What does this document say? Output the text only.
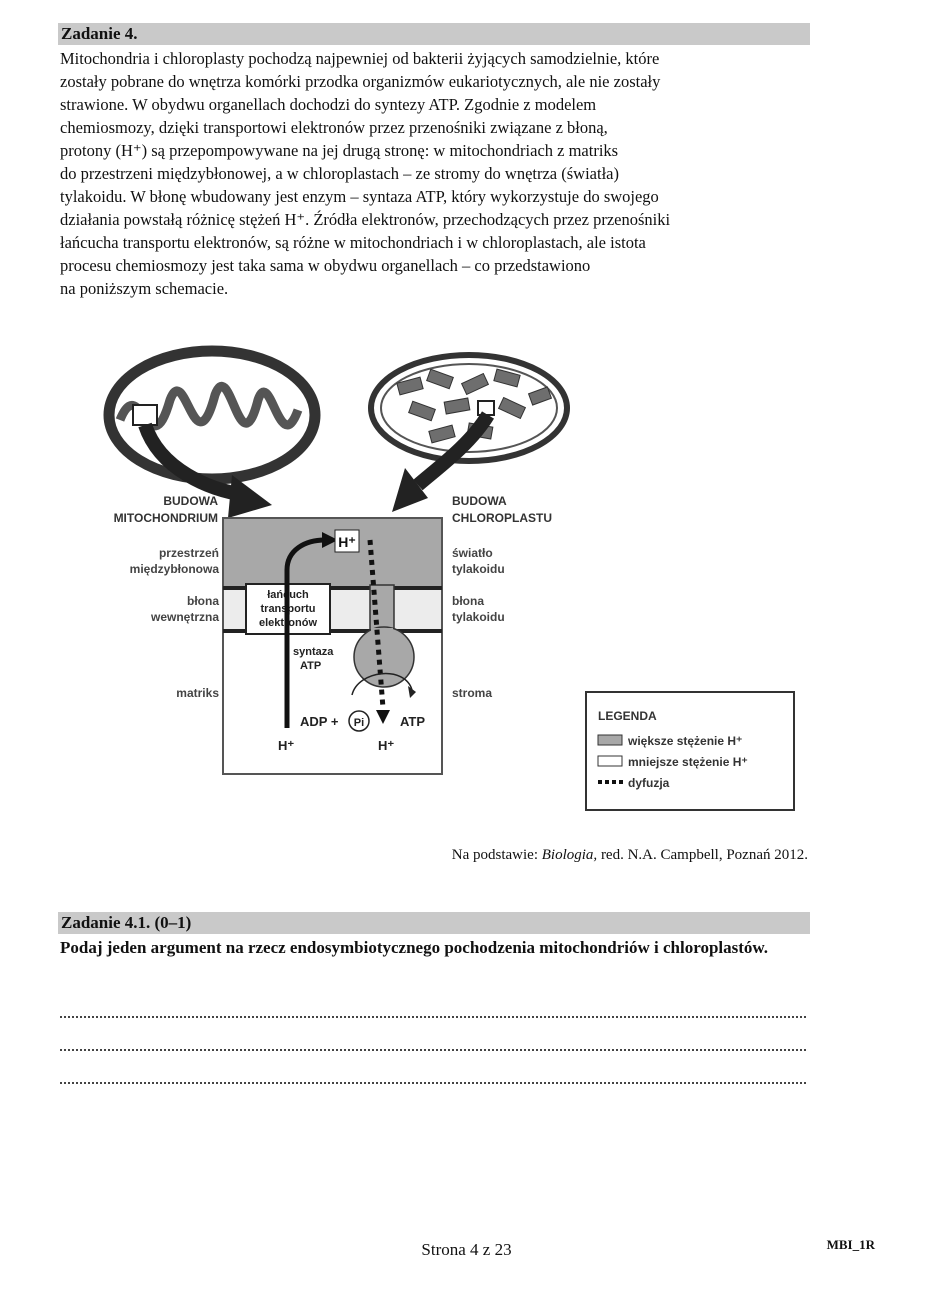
Zadanie 4.
Mitochondria i chloroplasty pochodzą najpewniej od bakterii żyjących samodzielnie, które
zostały pobrane do wnętrza komórki przodka organizmów eukariotycznych, ale nie zostały
strawione. W obydwu organellach dochodzi do syntezy ATP. Zgodnie z modelem
chemiosmozy, dzięki transportowi elektronów przez przenośniki związane z błoną,
protony (H⁺) są przepompowywane na jej drugą stronę: w mitochondriach z matriks
do przestrzeni międzybłonowej, a w chloroplastach – ze stromy do wnętrza (światła)
tylakoidu. W błonę wbudowany jest enzym – syntaza ATP, który wykorzystuje do swojego
działania powstałą różnicę stężeń H⁺. Źródła elektronów, przechodzących przez przenośniki
łańcucha transportu elektronów, są różne w mitochondriach i w chloroplastach, ale istota
procesu chemiosmozy jest taka sama w obydwu organellach – co przedstawiono
na poniższym schemacie.
BUDOWA
MITOCHONDRIUM
BUDOWA
CHLOROPLASTU
łańcuch
transportu
elektronów
H⁺
syntaza
ATP
ADP + Pi	ATP
H⁺	H⁺
przestrzeń
międzybłonowa
błona
wewnętrzna
matriks
światło
tylakoidu
błona
tylakoidu
stroma
LEGENDA
większe stężenie H⁺
mniejsze stężenie H⁺
dyfuzja
Na podstawie: Biologia, red. N.A. Campbell, Poznań 2012.
Zadanie 4.1. (0–1)

Podaj jeden argument na rzecz endosymbiotycznego pochodzenia mitochondriów i chloroplastów.

Strona 4 z 23	MBI_1R
